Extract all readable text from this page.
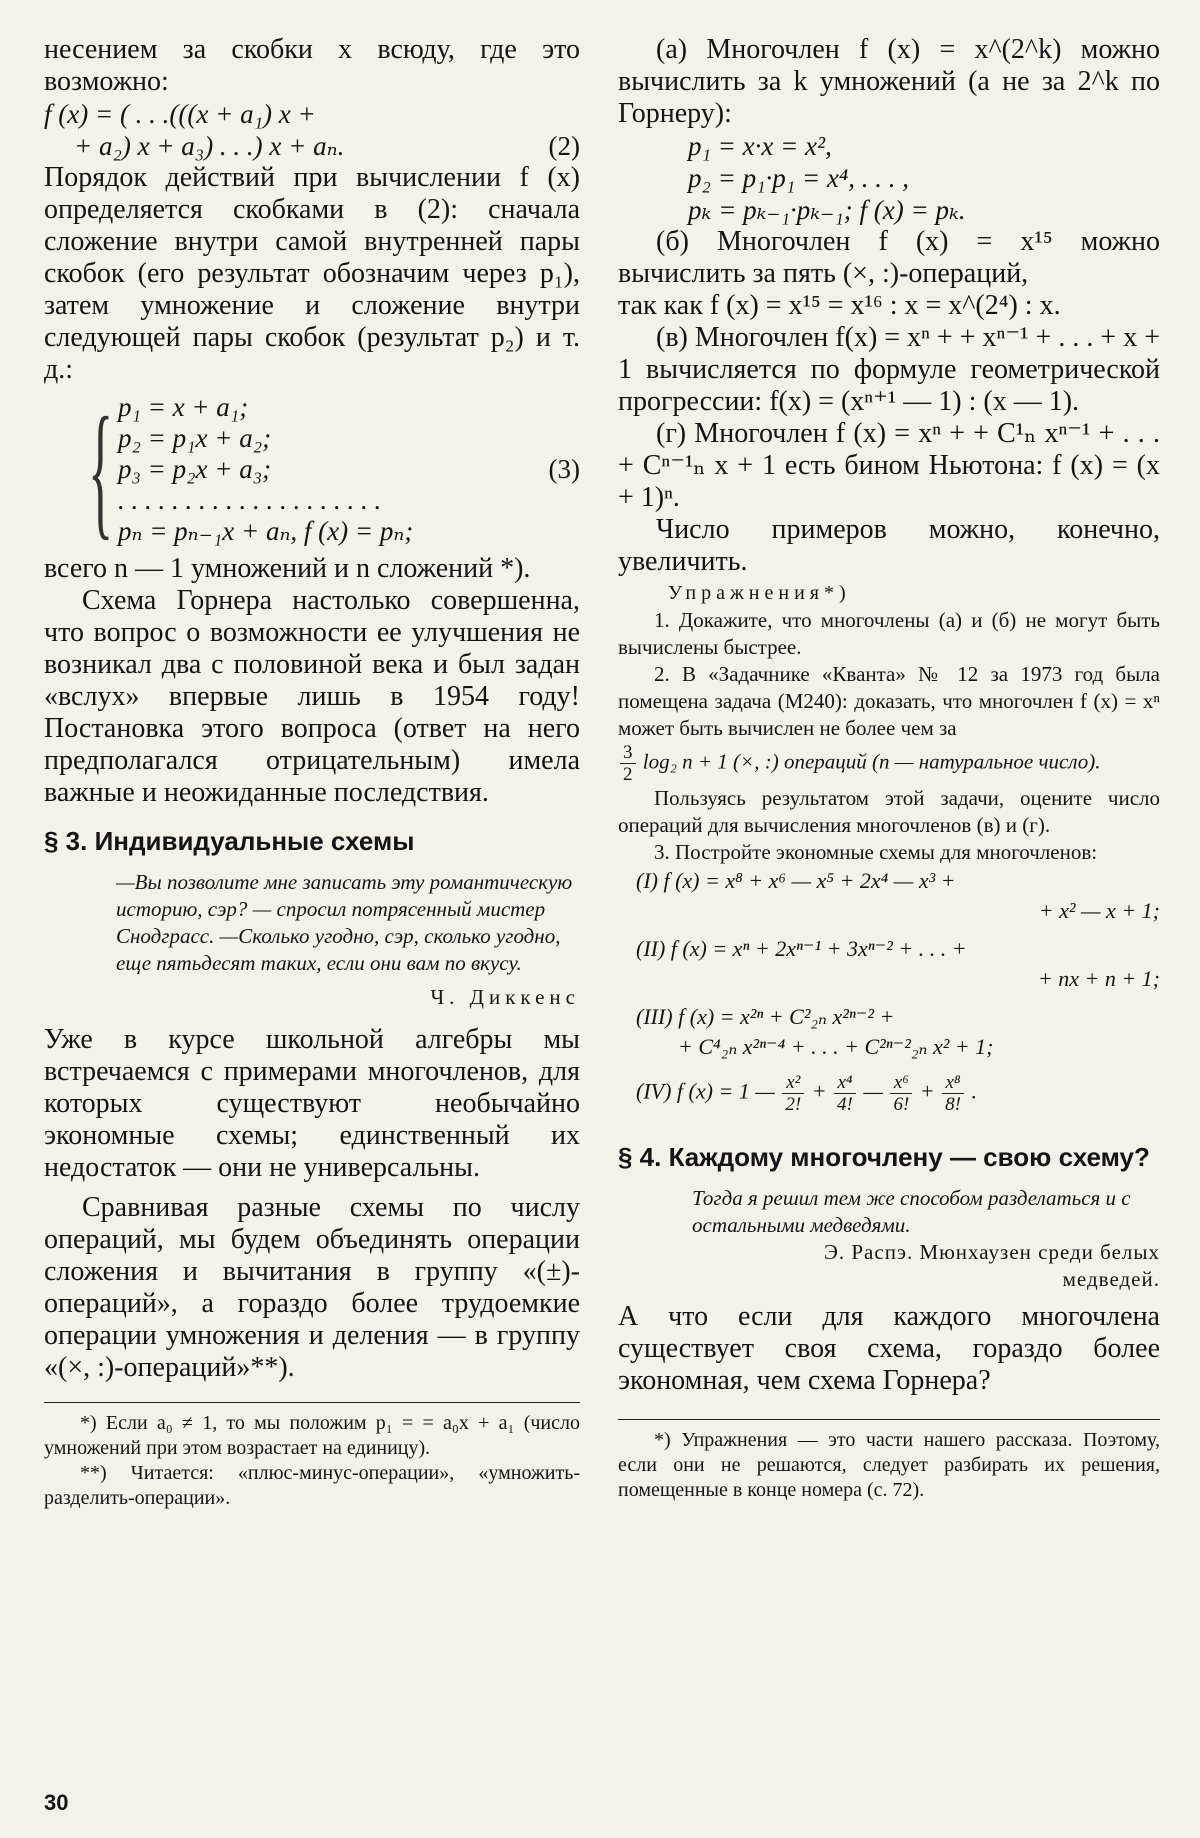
несением за скобки x всюду, где это возможно:

f (x) = ( . . .(((x + a₁) x +

+ a₂) x + a₃) . . .) x + aₙ.	(2)

Порядок действий при вычислении f (x) определяется скобками в (2): сначала сложение внутри самой внутренней пары скобок (его результат обозначим через p₁), затем умножение и сложение внутри следующей пары скобок (результат p₂) и т. д.:

{ p₁ = x + a₁;
p₂ = p₁x + a₂;
p₃ = p₂x + a₃;
. . . . . . . . . . . . . . . . . . . .
pₙ = pₙ₋₁x + aₙ, f (x) = pₙ;
(3)

всего n — 1 умножений и n сложений *).

Схема Горнера настолько совершенна, что вопрос о возможности ее улучшения не возникал два с половиной века и был задан «вслух» впервые лишь в 1954 году! Постановка этого вопроса (ответ на него предполагался отрицательным) имела важные и неожиданные последствия.

§ 3. Индивидуальные схемы

—Вы позволите мне записать эту романтическую историю, сэр? — спросил потрясенный мистер Снодграсс. —Сколько угодно, сэр, сколько угодно, еще пятьдесят таких, если они вам по вкусу.

Ч. Диккенс

Уже в курсе школьной алгебры мы встречаемся с примерами многочленов, для которых существуют необычайно экономные схемы; единственный их недостаток — они не универсальны.

Сравнивая разные схемы по числу операций, мы будем объединять операции сложения и вычитания в группу «(±)-операций», а гораздо более трудоемкие операции умножения и деления — в группу «(×, :)-операций»**).

*) Если a₀ ≠ 1, то мы положим p₁ = = a₀x + a₁ (число умножений при этом возрастает на единицу).

**) Читается: «плюс-минус-операции», «умножить-разделить-операции».

(а) Многочлен f (x) = x^(2^k) можно вычислить за k умножений (а не за 2^k по Горнеру):

p₁ = x·x = x²,
p₂ = p₁·p₁ = x⁴, . . . ,
pₖ = pₖ₋₁·pₖ₋₁; f (x) = pₖ.

(б) Многочлен f (x) = x¹⁵ можно вычислить за пять (×, :)-операций,

так как f (x) = x¹⁵ = x¹⁶ : x = x^(2⁴) : x.

(в) Многочлен f(x) = xⁿ + + xⁿ⁻¹ + . . . + x + 1 вычисляется по формуле геометрической прогрессии: f(x) = (xⁿ⁺¹ — 1) : (x — 1).

(г) Многочлен f (x) = xⁿ + + C¹ₙ xⁿ⁻¹ + . . . + Cⁿ⁻¹ₙ x + 1 есть бином Ньютона: f (x) = (x + 1)ⁿ.

Число примеров можно, конечно, увеличить.

Упражнения*)

1. Докажите, что многочлены (а) и (б) не могут быть вычислены быстрее.

2. В «Задачнике «Кванта» № 12 за 1973 год была помещена задача (М240): доказать, что многочлен f (x) = xⁿ может быть вычислен не более чем за

$\frac{3}{2} \log_2$ n + 1 (×, :) операций (n — натуральное число).

Пользуясь результатом этой задачи, оцените число операций для вычисления многочленов (в) и (г).

3. Постройте экономные схемы для многочленов:

(I) f (x) = x⁸ + x⁶ — x⁵ + 2x⁴ — x³ +

+ x² — x + 1;

(II) f (x) = xⁿ + 2xⁿ⁻¹ + 3xⁿ⁻² + . . . +

+ nx + n + 1;

(III) f (x) = x²ⁿ + C²₂ₙ x²ⁿ⁻² +

+ C⁴₂ₙ x²ⁿ⁻⁴ + . . . + C²ⁿ⁻²₂ₙ x² + 1;

(IV) f (x) = 1 — $\frac{\text{x²}}{2!} + \frac{\text{x⁴}}{4!}$ — $\frac{\text{x⁶}}{6!} + \frac{\text{x⁸}}{8!}$ .

§ 4. Каждому многочлену — свою схему?

Тогда я решил тем же способом разделаться и с остальными медведями.

Э. Распэ. Мюнхаузен среди белых медведей.

А что если для каждого многочлена существует своя схема, гораздо более экономная, чем схема Горнера?

*) Упражнения — это части нашего рассказа. Поэтому, если они не решаются, следует разбирать их решения, помещенные в конце номера (с. 72).

30
